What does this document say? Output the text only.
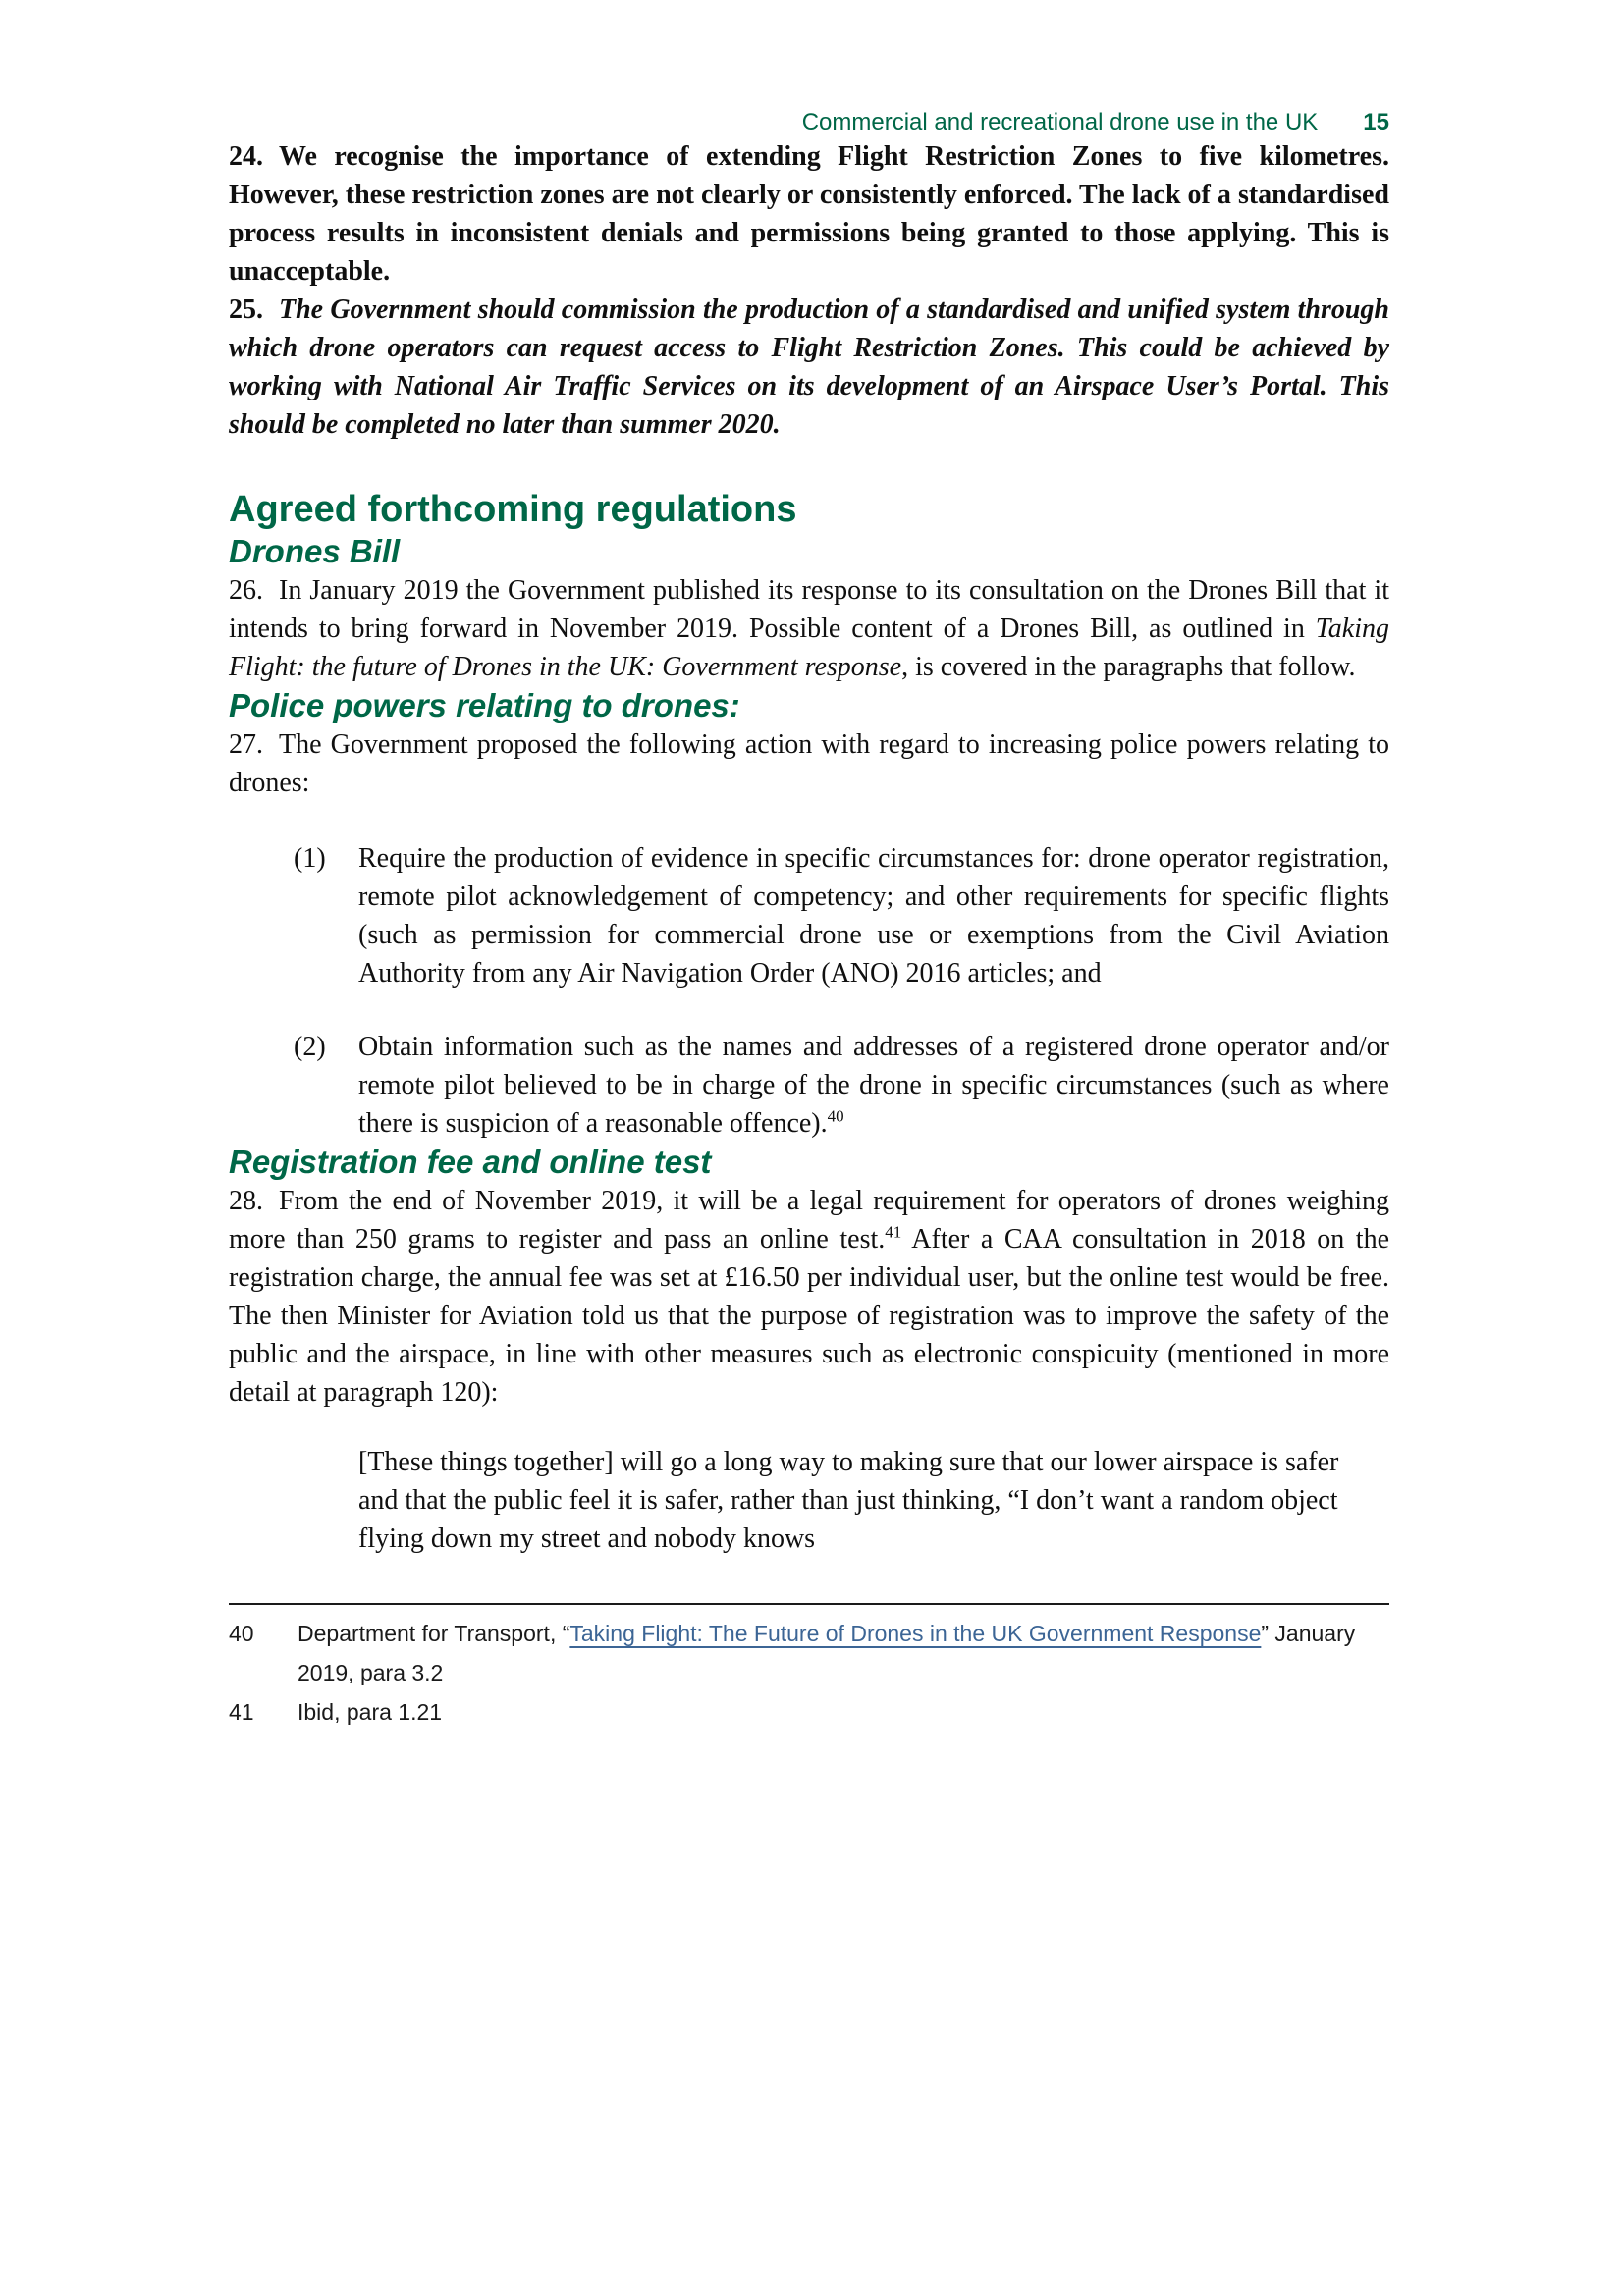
Commercial and recreational drone use in the UK 15

24. We recognise the importance of extending Flight Restriction Zones to five kilometres. However, these restriction zones are not clearly or consistently enforced. The lack of a standardised process results in inconsistent denials and permissions being granted to those applying. This is unacceptable.

25. The Government should commission the production of a standardised and unified system through which drone operators can request access to Flight Restriction Zones. This could be achieved by working with National Air Traffic Services on its development of an Airspace User’s Portal. This should be completed no later than summer 2020.

Agreed forthcoming regulations
Drones Bill

26. In January 2019 the Government published its response to its consultation on the Drones Bill that it intends to bring forward in November 2019. Possible content of a Drones Bill, as outlined in Taking Flight: the future of Drones in the UK: Government response, is covered in the paragraphs that follow.

Police powers relating to drones:

27. The Government proposed the following action with regard to increasing police powers relating to drones:

(1) Require the production of evidence in specific circumstances for: drone operator registration, remote pilot acknowledgement of competency; and other requirements for specific flights (such as permission for commercial drone use or exemptions from the Civil Aviation Authority from any Air Navigation Order (ANO) 2016 articles; and
(2) Obtain information such as the names and addresses of a registered drone operator and/or remote pilot believed to be in charge of the drone in specific circumstances (such as where there is suspicion of a reasonable offence).$^{40}$
Registration fee and online test

28. From the end of November 2019, it will be a legal requirement for operators of drones weighing more than 250 grams to register and pass an online test.$^{41}$ After a CAA consultation in 2018 on the registration charge, the annual fee was set at £16.50 per individual user, but the online test would be free. The then Minister for Aviation told us that the purpose of registration was to improve the safety of the public and the airspace, in line with other measures such as electronic conspicuity (mentioned in more detail at paragraph 120):

[These things together] will go a long way to making sure that our lower airspace is safer and that the public feel it is safer, rather than just thinking, “I don’t want a random object flying down my street and nobody knows
40 Department for Transport, “Taking Flight: The Future of Drones in the UK Government Response” January 2019, para 3.2
41 Ibid, para 1.21
